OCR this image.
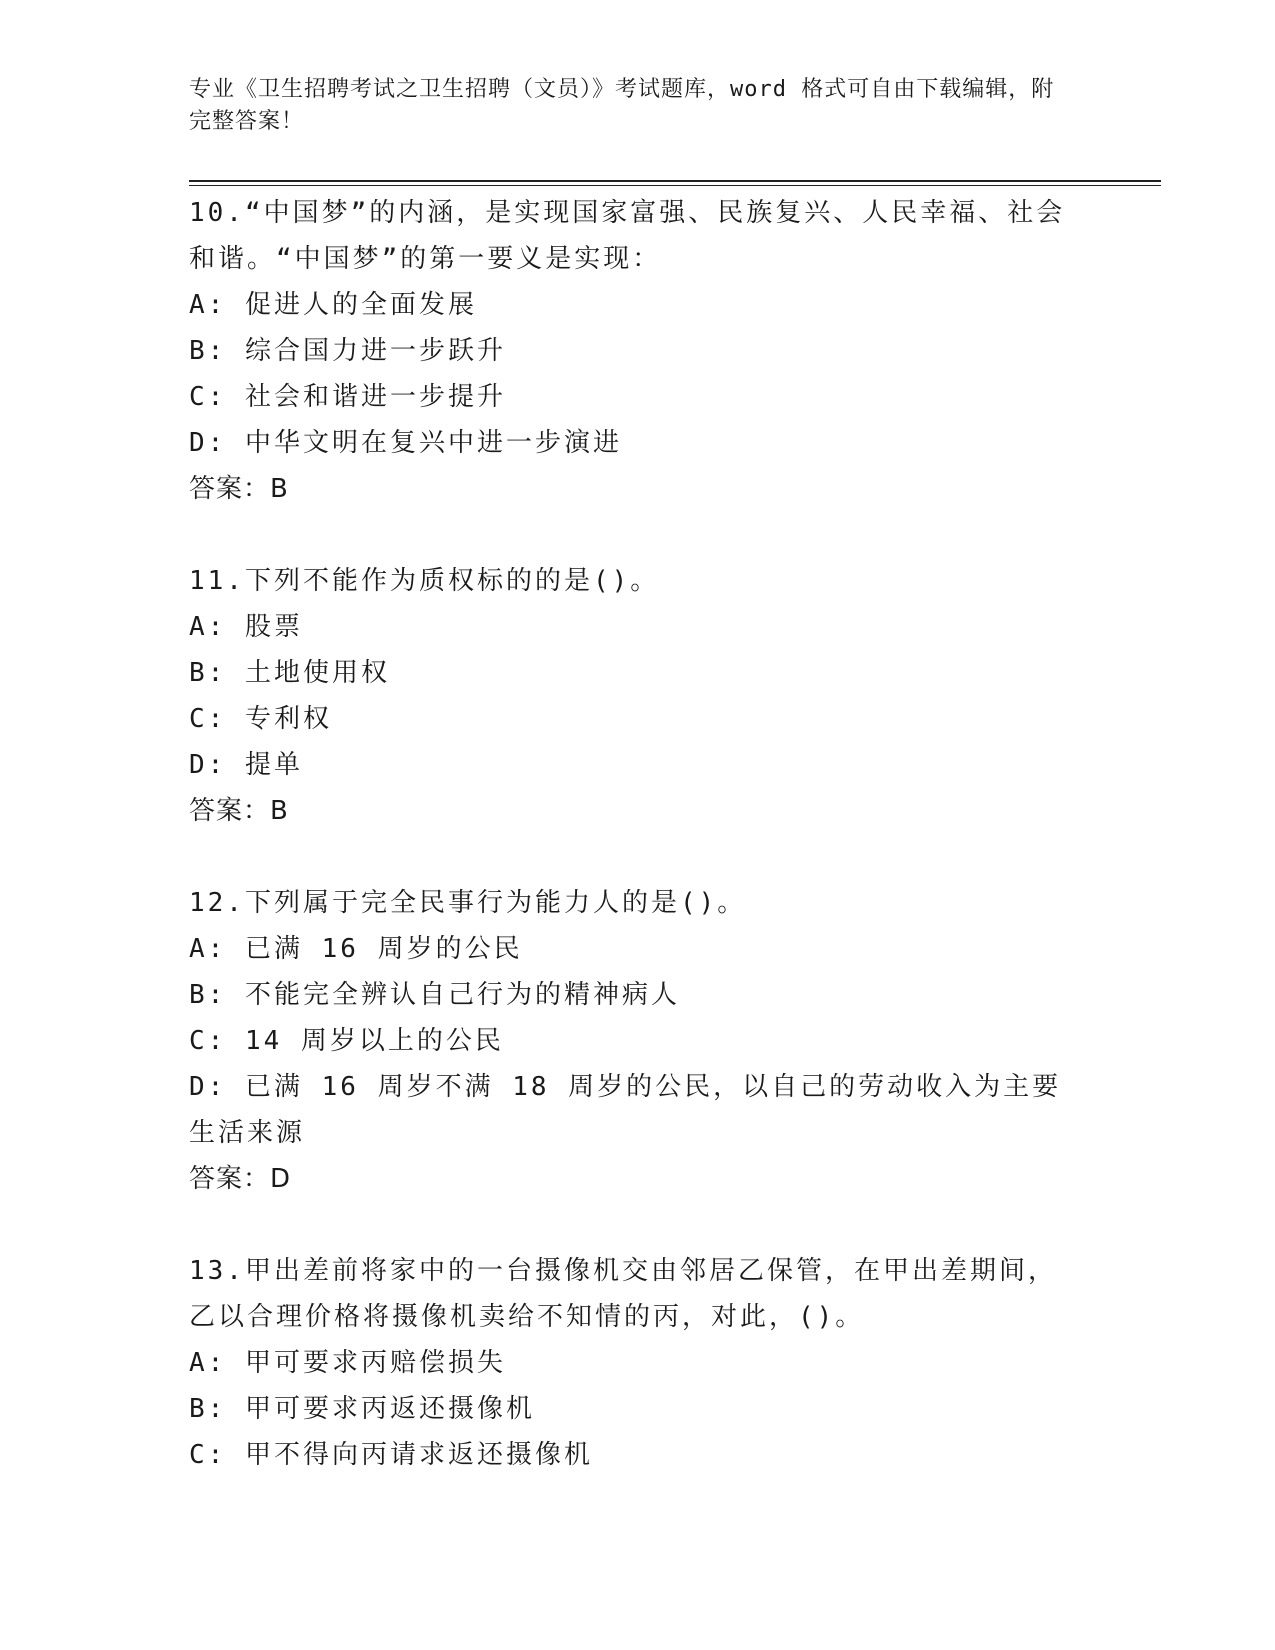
专业《卫生招聘考试之卫生招聘（文员）》考试题库，word 格式可自由下载编辑，附完整答案！
10.“中国梦”的内涵，是实现国家富强、民族复兴、人民幸福、社会和谐。“中国梦”的第一要义是实现：
A: 促进人的全面发展
B: 综合国力进一步跃升
C: 社会和谐进一步提升
D: 中华文明在复兴中进一步演进
答案：B
11.下列不能作为质权标的的是()。
A: 股票
B: 土地使用权
C: 专利权
D: 提单
答案：B
12.下列属于完全民事行为能力人的是()。
A: 已满 16 周岁的公民
B: 不能完全辨认自己行为的精神病人
C: 14 周岁以上的公民
D: 已满 16 周岁不满 18 周岁的公民，以自己的劳动收入为主要生活来源
答案：D
13.甲出差前将家中的一台摄像机交由邻居乙保管，在甲出差期间，乙以合理价格将摄像机卖给不知情的丙，对此，()。
A: 甲可要求丙赔偿损失
B: 甲可要求丙返还摄像机
C: 甲不得向丙请求返还摄像机
